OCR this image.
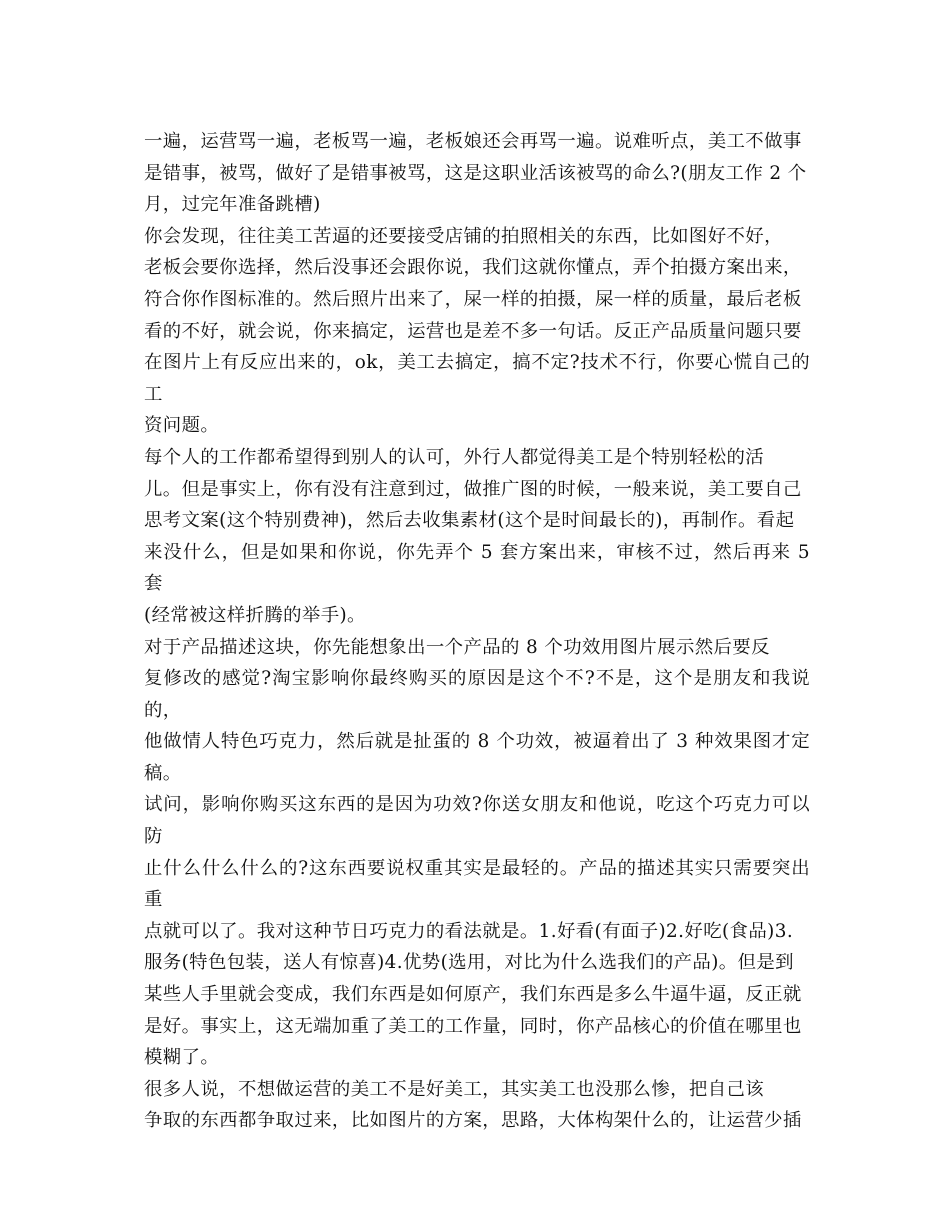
一遍，运营骂一遍，老板骂一遍，老板娘还会再骂一遍。说难听点，美工不做事
是错事，被骂，做好了是错事被骂，这是这职业活该被骂的命么?(朋友工作 2 个
月，过完年准备跳槽)

你会发现，往往美工苦逼的还要接受店铺的拍照相关的东西，比如图好不好，
老板会要你选择，然后没事还会跟你说，我们这就你懂点，弄个拍摄方案出来，
符合你作图标准的。然后照片出来了，屎一样的拍摄，屎一样的质量，最后老板
看的不好，就会说，你来搞定，运营也是差不多一句话。反正产品质量问题只要
在图片上有反应出来的，ok，美工去搞定，搞不定?技术不行，你要心慌自己的工
资问题。

每个人的工作都希望得到别人的认可，外行人都觉得美工是个特别轻松的活
儿。但是事实上，你有没有注意到过，做推广图的时候，一般来说，美工要自己
思考文案(这个特别费神)，然后去收集素材(这个是时间最长的)，再制作。看起
来没什么，但是如果和你说，你先弄个 5 套方案出来，审核不过，然后再来 5 套
(经常被这样折腾的举手)。

对于产品描述这块，你先能想象出一个产品的 8 个功效用图片展示然后要反
复修改的感觉?淘宝影响你最终购买的原因是这个不?不是，这个是朋友和我说的，
他做情人特色巧克力，然后就是扯蛋的 8 个功效，被逼着出了 3 种效果图才定稿。
试问，影响你购买这东西的是因为功效?你送女朋友和他说，吃这个巧克力可以防
止什么什么什么的?这东西要说权重其实是最轻的。产品的描述其实只需要突出重
点就可以了。我对这种节日巧克力的看法就是。1.好看(有面子)2.好吃(食品)3.
服务(特色包装，送人有惊喜)4.优势(选用，对比为什么选我们的产品)。但是到
某些人手里就会变成，我们东西是如何原产，我们东西是多么牛逼牛逼，反正就
是好。事实上，这无端加重了美工的工作量，同时，你产品核心的价值在哪里也
模糊了。

很多人说，不想做运营的美工不是好美工，其实美工也没那么惨，把自己该
争取的东西都争取过来，比如图片的方案，思路，大体构架什么的，让运营少插
